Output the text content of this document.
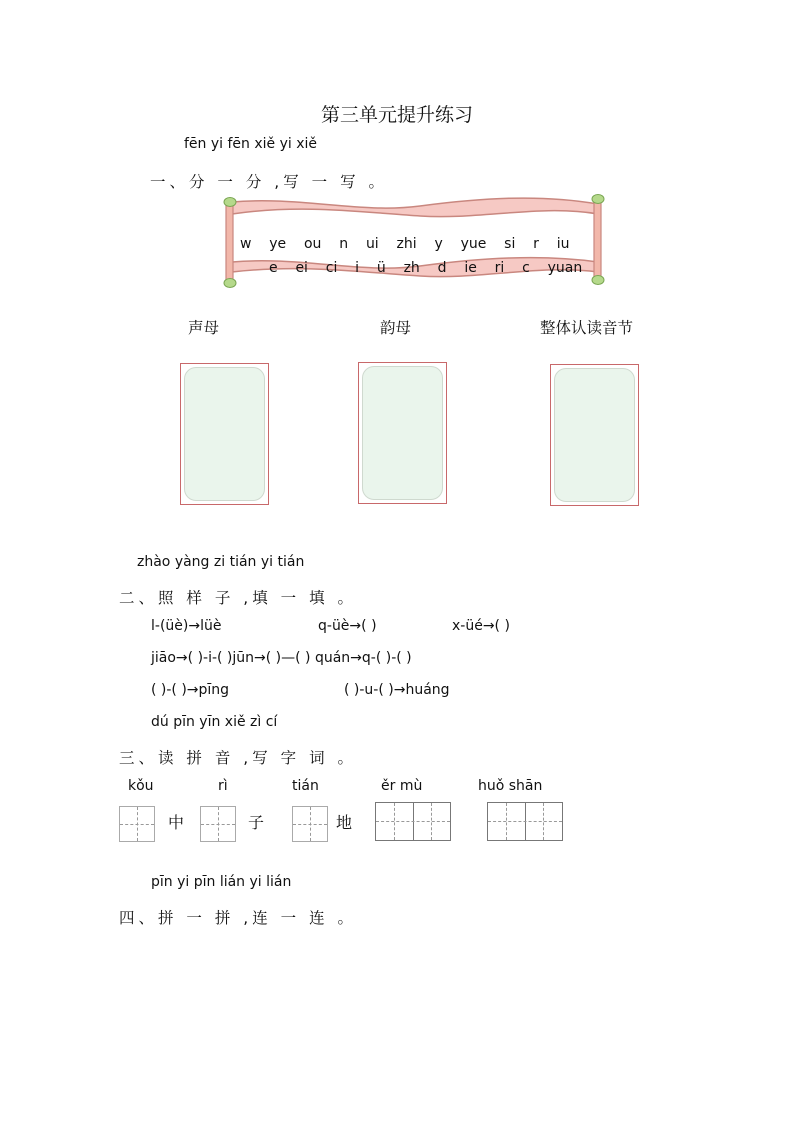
第三单元提升练习
fēn yi fēn xiě yi xiě
一、分 一 分 ,写 一 写 。
w ye ou n ui zhi y yue si r iu
e ei ci i ü zh d ie ri c yuan
声母	韵母	整体认读音节
zhào yàng zi tián yi tián
二、照 样 子 ,填 一 填 。
l-(üè)→lüè	q-üè→( )	x-üé→( )
jiāo→( )-i-( )jūn→( )—( ) quán→q-( )-( )
( )-( )→pīng	( )-u-( )→huáng
dú pīn yīn xiě zì cí
三、读 拼 音 ,写 字 词 。
kǒu	rì	tián	ěr mù	huǒ shān
中	子	地
pīn yi pīn lián yi lián
四、拼 一 拼 ,连 一 连 。
